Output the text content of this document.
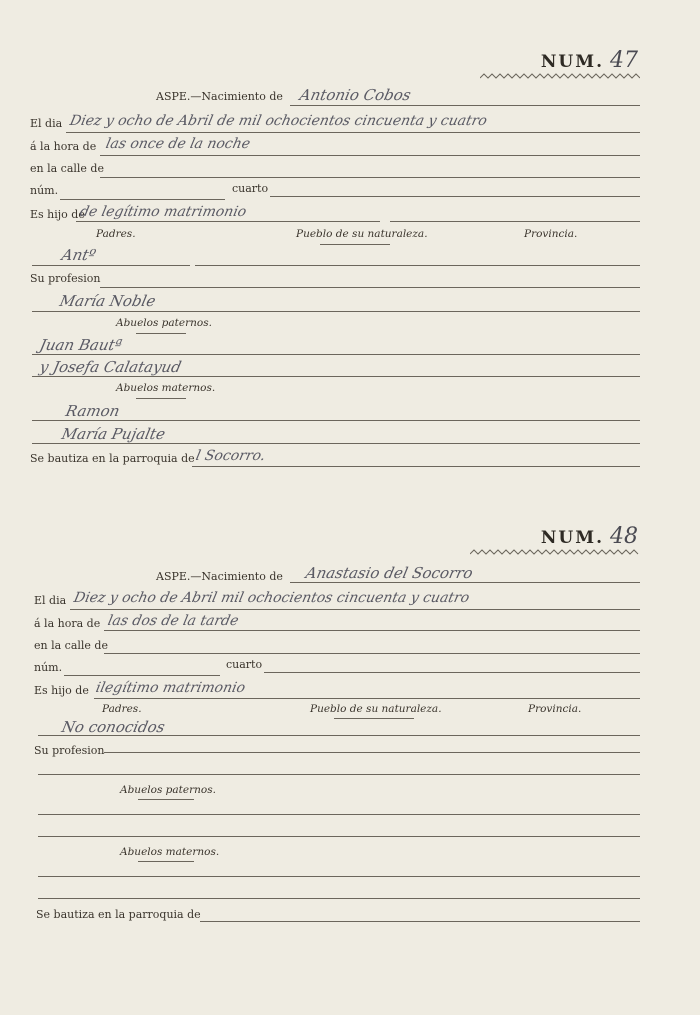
NUM. 47
ASPE.—Nacimiento de Antonio Cobos
El dia Diez y ocho de Abril de mil ochocientos cincuenta y cuatro
á la hora de las once de la noche
en la calle de
núm.	cuarto
Es hijo de
de legítimo matrimonio
Padres.	Pueblo de su naturaleza.	Provincia.
Antº
Su profesion
María Noble
Abuelos paternos.
Juan Bautª
y Josefa Calatayud
Abuelos maternos.
Ramon
María Pujalte
Se bautiza en la parroquia de l Socorro.
NUM. 48
ASPE.—Nacimiento de Anastasio del Socorro
El dia Diez y ocho de Abril mil ochocientos cincuenta y cuatro
á la hora de las dos de la tarde
en la calle de
núm.	cuarto
Es hijo de ilegítimo matrimonio
Padres.	Pueblo de su naturaleza.	Provincia.
No conocidos
Su profesion
Abuelos paternos.
Abuelos maternos.
Se bautiza en la parroquia de
